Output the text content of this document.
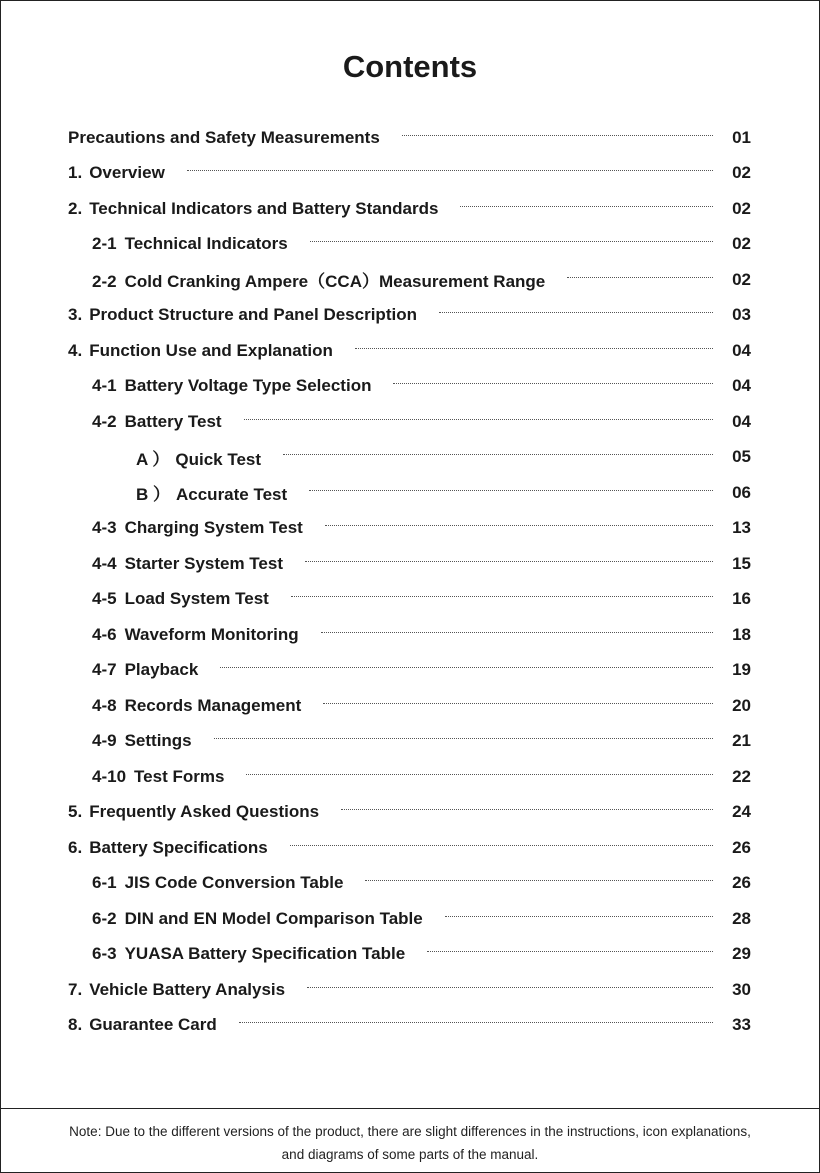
Contents
Precautions and Safety Measurements	01
1. Overview	02
2. Technical Indicators and Battery Standards	02
2-1 Technical Indicators	02
2-2 Cold Cranking Ampere（CCA）Measurement Range	02
3. Product Structure and Panel Description	03
4. Function Use and Explanation	04
4-1 Battery Voltage Type Selection	04
4-2 Battery Test	04
A ） Quick Test	05
B ） Accurate Test	06
4-3 Charging System Test	13
4-4 Starter System Test	15
4-5 Load System Test	16
4-6 Waveform Monitoring	18
4-7 Playback	19
4-8 Records Management	20
4-9 Settings	21
4-10 Test Forms	22
5. Frequently Asked Questions	24
6. Battery Specifications	26
6-1 JIS Code Conversion Table	26
6-2 DIN and EN Model Comparison Table	28
6-3 YUASA Battery Specification Table	29
7. Vehicle Battery Analysis	30
8. Guarantee Card	33
Note: Due to the different versions of the product, there are slight differences in the instructions, icon explanations,
and diagrams of some parts of the manual.
